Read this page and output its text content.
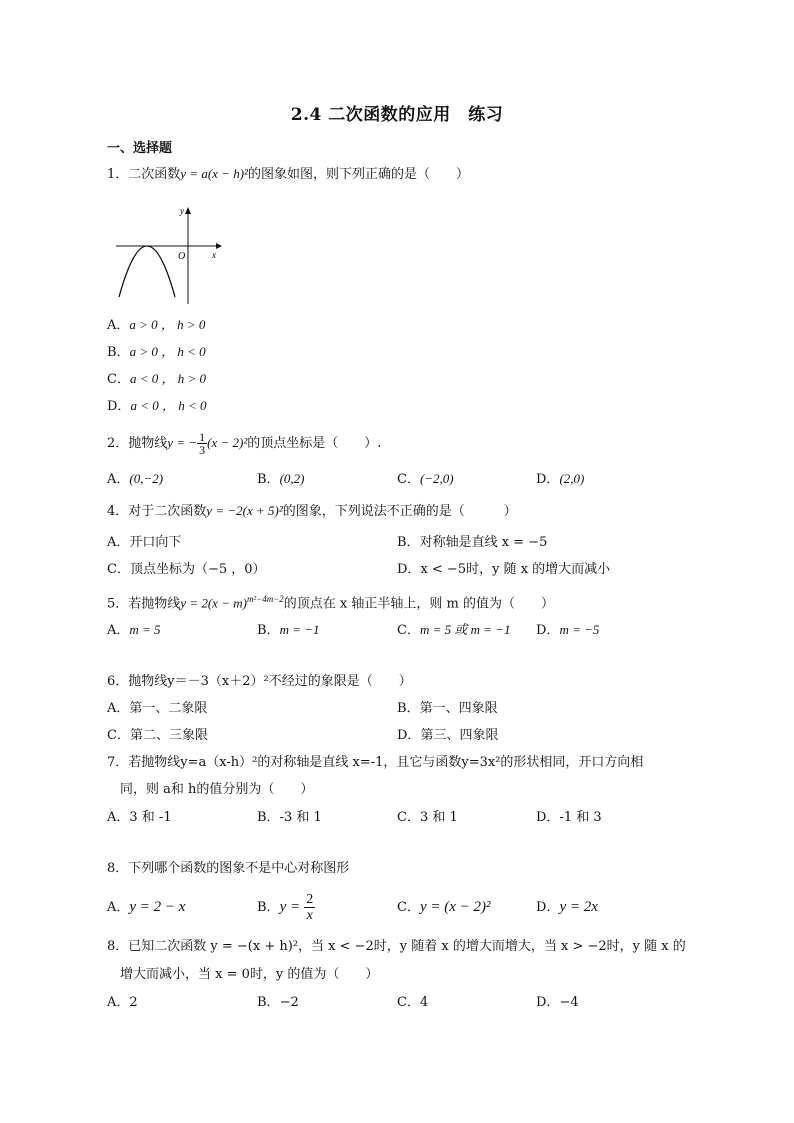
2.4 二次函数的应用　练习
一、选择题
1．二次函数y = a(x − h)²的图象如图，则下列正确的是（　　）
y
x
O
A．a > 0 ， h > 0
B．a > 0 ， h < 0
C．a < 0 ， h > 0
D．a < 0 ， h < 0
2．抛物线y = − $\frac{1}{3} (x - 2)^2$的顶点坐标是（　　）.
A．(0,−2)	B．(0,2)	C．(−2,0)	D．(2,0)
4．对于二次函数y = −2(x + 5)²的图象，下列说法不正确的是（　　　）
A．开口向下	B．对称轴是直线 x = −5
C．顶点坐标为（−5 ，0）	D．x < −5时，y 随 x 的增大而减小
5．若抛物线$y = 2(x - m)^{m^2-4m-2}$的顶点在 x 轴正半轴上，则 m 的值为（　　）
A．m = 5	B．m = −1	C．m = 5 或 m = −1 D．m = −5
6．抛物线y＝－3（x＋2）²不经过的象限是（　　）
A．第一、二象限	B．第一、四象限
C．第二、三象限	D．第三、四象限
7．若抛物线y=a（x-h）²的对称轴是直线 x=-1，且它与函数y=3x²的形状相同，开口方向相
同，则 a和 h的值分别为（　　）
A．3 和 -1	B．-3 和 1	C．3 和 1	D．-1 和 3
8．下列哪个函数的图象不是中心对称图形
A．y = 2 − x	B．$y = \frac{2}{x}$	C．y = (x − 2)²	D．y = 2x
8．已知二次函数 y = −(x + h)²，当 x < −2时，y 随着 x 的增大而增大，当 x > −2时，y 随 x 的
增大而减小，当 x = 0时，y 的值为（　　）
A．2	B．−2	C．4	D．−4
